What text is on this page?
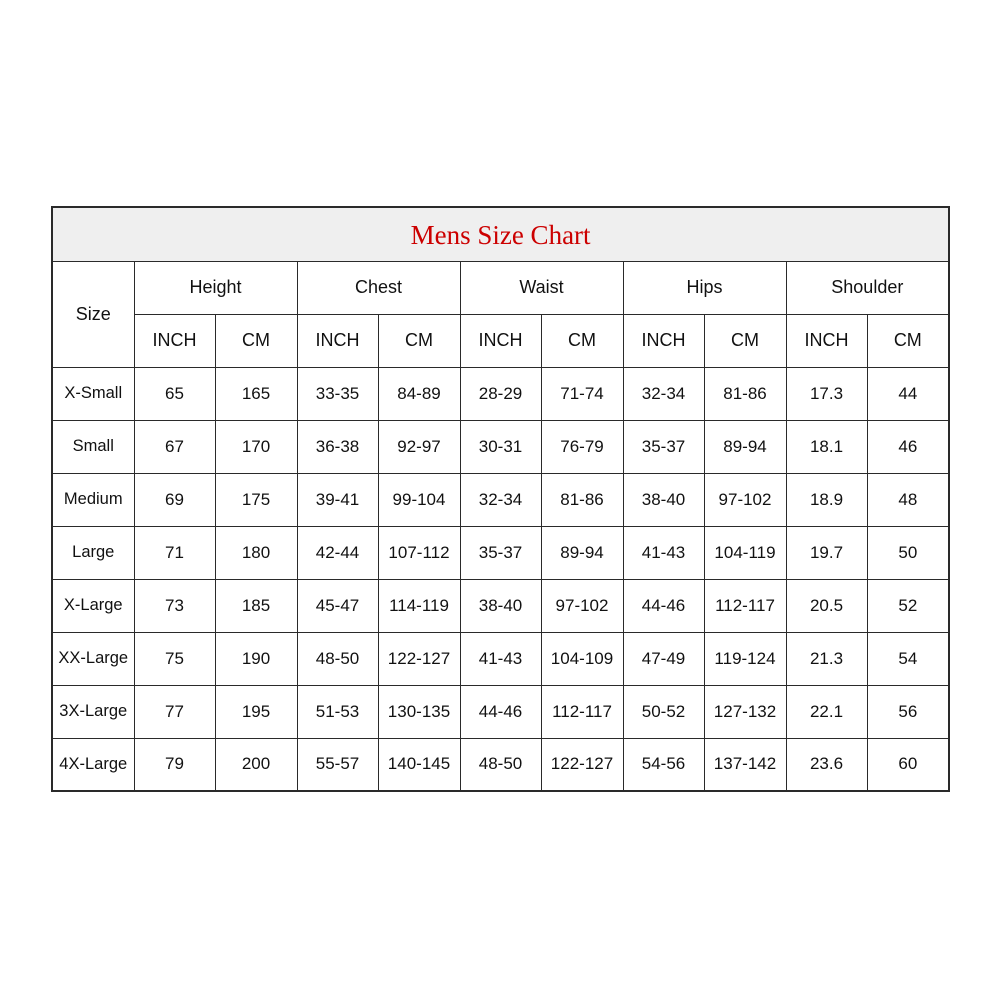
Mens Size Chart										
Size	Height		Chest		Waist		Hips		Shoulder	
	INCH	CM	INCH	CM	INCH	CM	INCH	CM	INCH	CM
X-Small	65	165	33-35	84-89	28-29	71-74	32-34	81-86	17.3	44
Small	67	170	36-38	92-97	30-31	76-79	35-37	89-94	18.1	46
Medium	69	175	39-41	99-104	32-34	81-86	38-40	97-102	18.9	48
Large	71	180	42-44	107-112	35-37	89-94	41-43	104-119	19.7	50
X-Large	73	185	45-47	114-119	38-40	97-102	44-46	112-117	20.5	52
XX-Large	75	190	48-50	122-127	41-43	104-109	47-49	119-124	21.3	54
3X-Large	77	195	51-53	130-135	44-46	112-117	50-52	127-132	22.1	56
4X-Large	79	200	55-57	140-145	48-50	122-127	54-56	137-142	23.6	60
